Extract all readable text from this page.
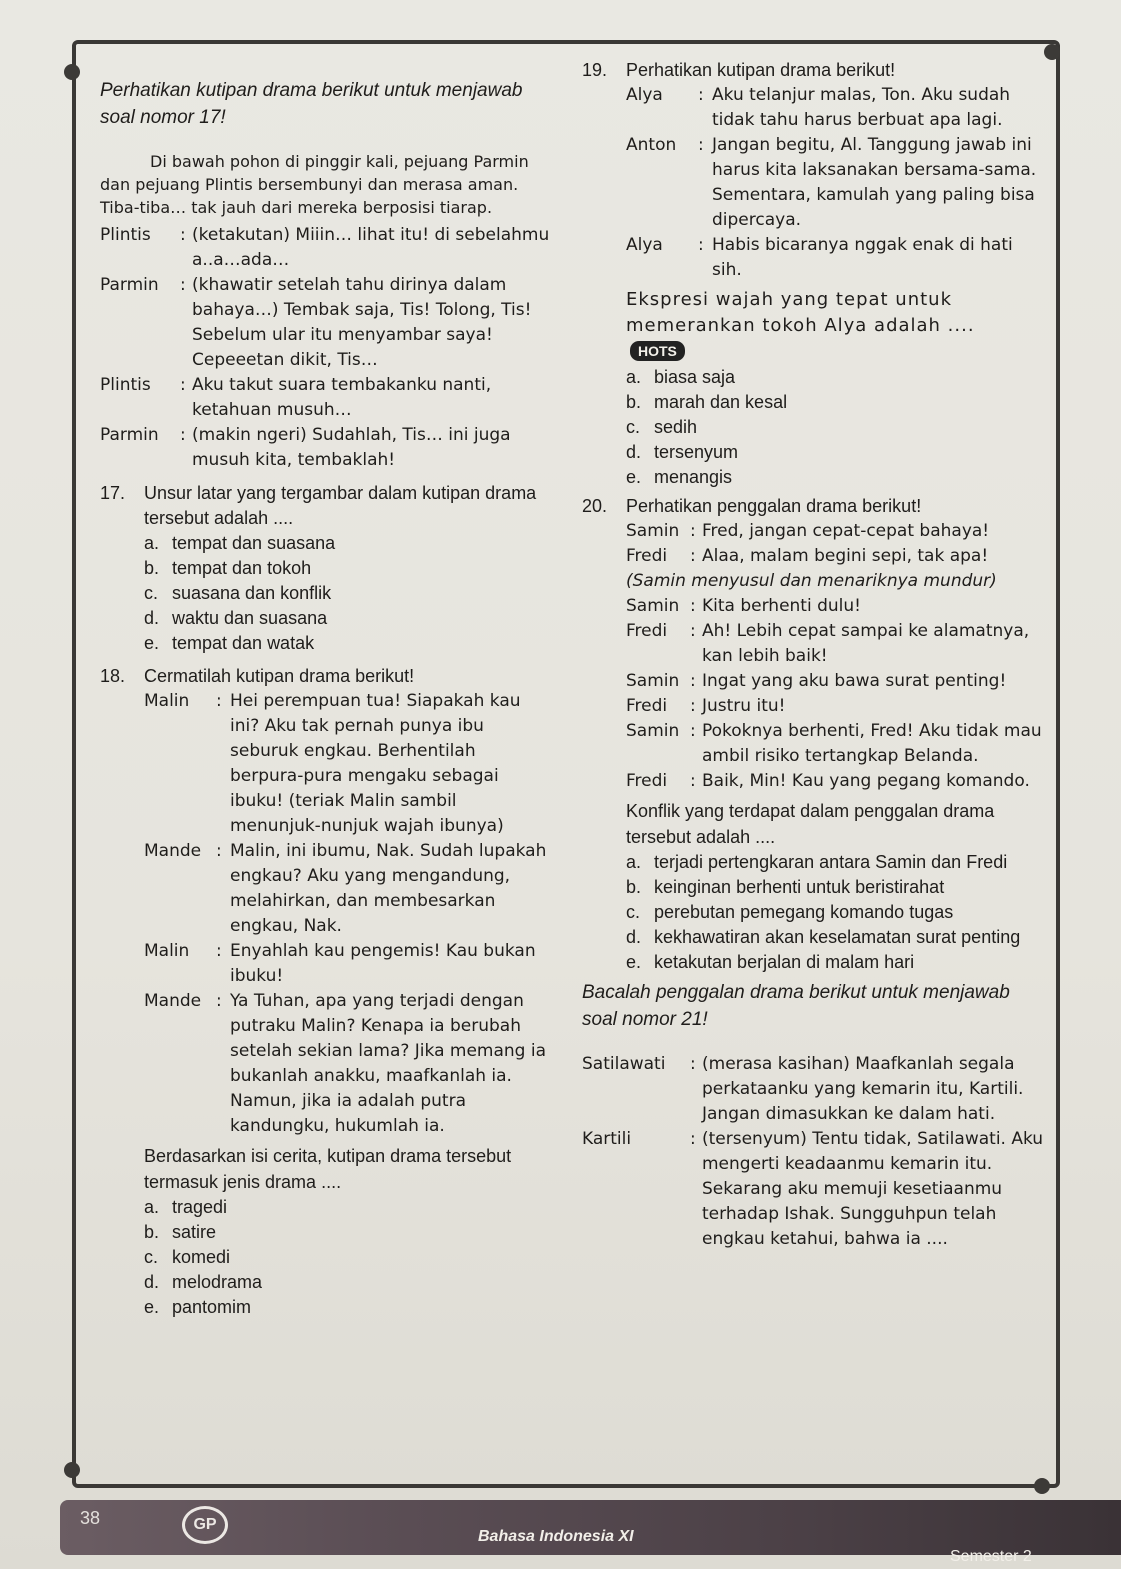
Perhatikan kutipan drama berikut untuk menjawab soal nomor 17!

Di bawah pohon di pinggir kali, pejuang Parmin dan pejuang Plintis bersembunyi dan merasa aman. Tiba-tiba… tak jauh dari mereka berposisi tiarap.

Plintis	: (ketakutan) Miiin… lihat itu! di sebelahmu a..a…ada…
Parmin	: (khawatir setelah tahu dirinya dalam bahaya…) Tembak saja, Tis! Tolong, Tis! Sebelum ular itu menyambar saya! Cepeeetan dikit, Tis…
Plintis	: Aku takut suara tembakanku nanti, ketahuan musuh…
Parmin	: (makin ngeri) Sudahlah, Tis… ini juga musuh kita, tembaklah!
17.	Unsur latar yang tergambar dalam kutipan drama tersebut adalah ....
a. tempat dan suasana
b. tempat dan tokoh
c. suasana dan konflik
d. waktu dan suasana
e. tempat dan watak
18.	Cermatilah kutipan drama berikut!
Malin	: Hei perempuan tua! Siapakah kau ini? Aku tak pernah punya ibu seburuk engkau. Berhentilah berpura-pura mengaku sebagai ibuku! (teriak Malin sambil menunjuk-nunjuk wajah ibunya)
Mande : Malin, ini ibumu, Nak. Sudah lupakah engkau? Aku yang mengandung, melahirkan, dan membesarkan engkau, Nak.
Malin	: Enyahlah kau pengemis! Kau bukan ibuku!
Mande : Ya Tuhan, apa yang terjadi dengan putraku Malin? Kenapa ia berubah setelah sekian lama? Jika memang ia bukanlah anakku, maafkanlah ia. Namun, jika ia adalah putra kandungku, hukumlah ia.

Berdasarkan isi cerita, kutipan drama tersebut termasuk jenis drama ....

a. tragedi
b. satire
c. komedi
d. melodrama
e. pantomim
19.	Perhatikan kutipan drama berikut!
Alya	: Aku telanjur malas, Ton. Aku sudah tidak tahu harus berbuat apa lagi.
Anton	: Jangan begitu, Al. Tanggung jawab ini harus kita laksanakan bersama-sama. Sementara, kamulah yang paling bisa dipercaya.
Alya	: Habis bicaranya nggak enak di hati sih.

Ekspresi wajah yang tepat untuk memerankan tokoh Alya adalah ....

HOTS
a. biasa saja
b. marah dan kesal
c. sedih
d. tersenyum
e. menangis
20.	Perhatikan penggalan drama berikut!
Samin : Fred, jangan cepat-cepat bahaya!
Fredi	: Alaa, malam begini sepi, tak apa!

(Samin menyusul dan menariknya mundur)

Samin : Kita berhenti dulu!
Fredi	: Ah! Lebih cepat sampai ke alamatnya, kan lebih baik!
Samin : Ingat yang aku bawa surat penting!
Fredi	: Justru itu!
Samin : Pokoknya berhenti, Fred! Aku tidak mau ambil risiko tertangkap Belanda.
Fredi	: Baik, Min! Kau yang pegang komando.

Konflik yang terdapat dalam penggalan drama tersebut adalah ....

a. terjadi pertengkaran antara Samin dan Fredi
b. keinginan berhenti untuk beristirahat
c. perebutan pemegang komando tugas
d. kekhawatiran akan keselamatan surat penting
e. ketakutan berjalan di malam hari

Bacalah penggalan drama berikut untuk menjawab soal nomor 21!

Satilawati	: (merasa kasihan) Maafkanlah segala perkataanku yang kemarin itu, Kartili. Jangan dimasukkan ke dalam hati.
Kartili	: (tersenyum) Tentu tidak, Satilawati. Aku mengerti keadaanmu kemarin itu. Sekarang aku memuji kesetiaanmu terhadap Ishak. Sungguhpun telah engkau ketahui, bahwa ia ....
38	GP
Bahasa Indonesia XI
Semester 2
